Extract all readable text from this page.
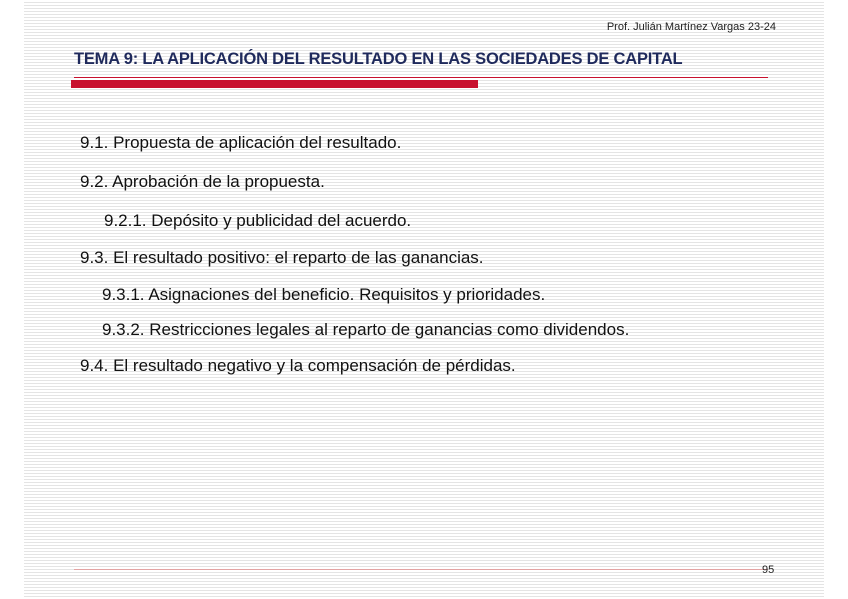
Prof. Julián Martínez Vargas 23-24
TEMA 9: LA APLICACIÓN DEL RESULTADO EN LAS SOCIEDADES DE CAPITAL
9.1. Propuesta de aplicación del resultado.
9.2. Aprobación de la propuesta.
9.2.1. Depósito y publicidad del acuerdo.
9.3. El resultado positivo: el reparto de las ganancias.
9.3.1. Asignaciones del beneficio. Requisitos y prioridades.
9.3.2. Restricciones legales al reparto de ganancias como dividendos.
9.4. El resultado negativo y la compensación de pérdidas.
95
